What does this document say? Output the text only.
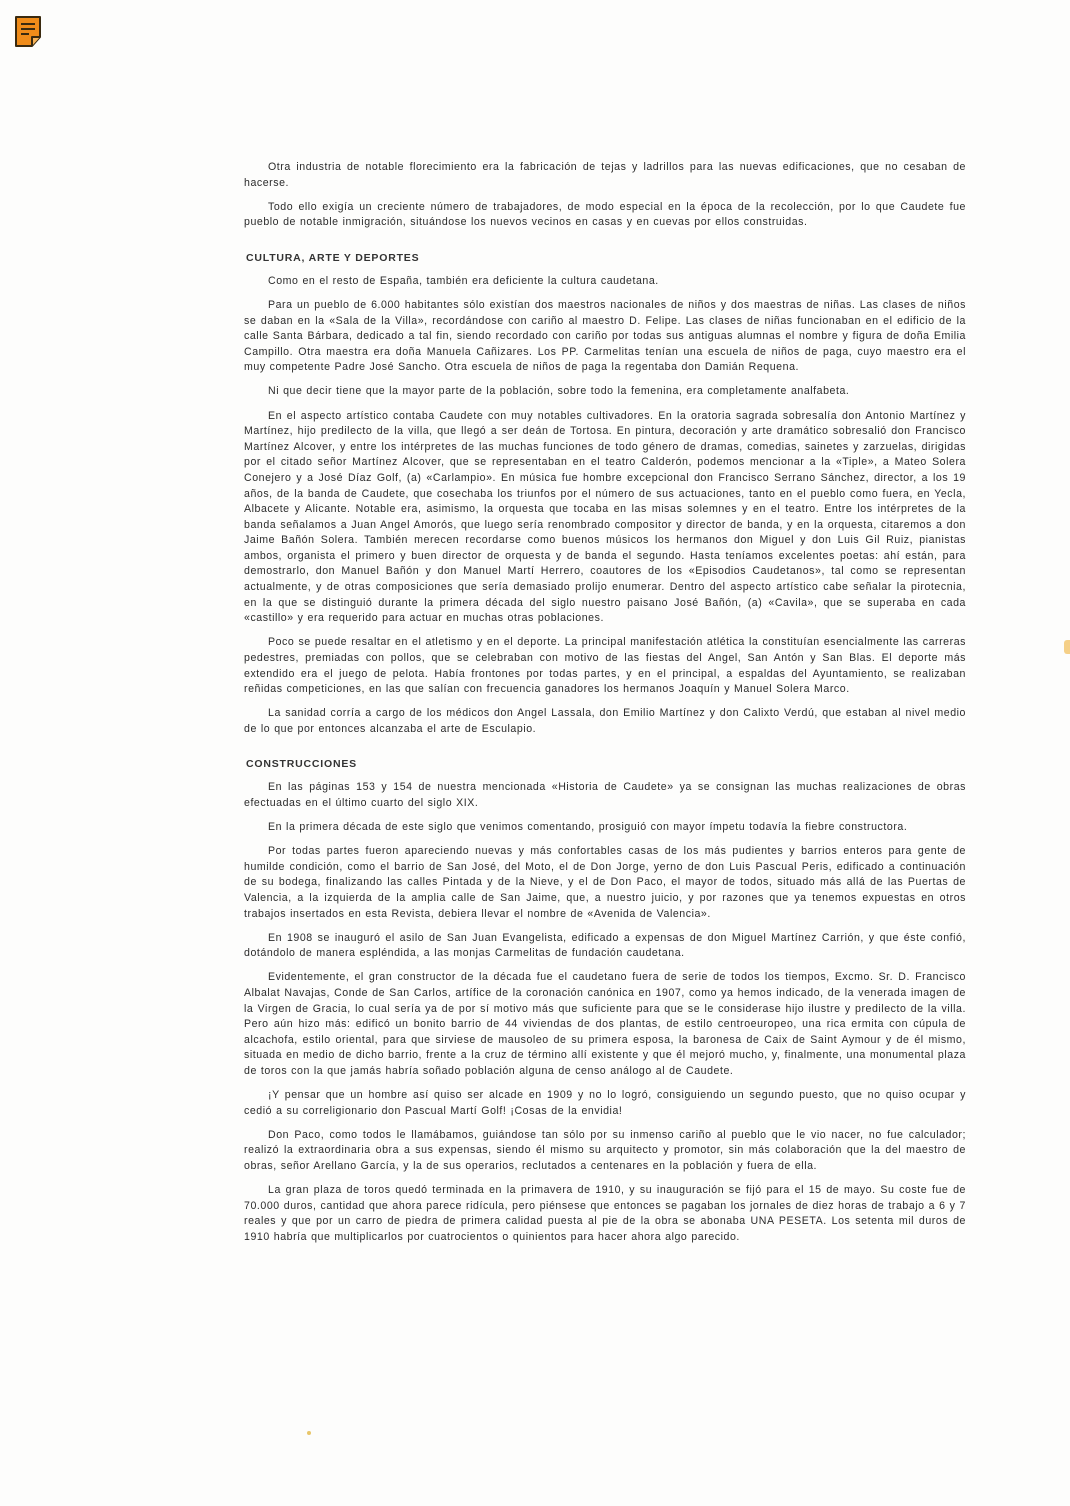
Otra industria de notable florecimiento era la fabricación de tejas y ladrillos para las nuevas edificaciones, que no cesaban de hacerse.

Todo ello exigía un creciente número de trabajadores, de modo especial en la época de la recolección, por lo que Caudete fue pueblo de notable inmigración, situándose los nuevos vecinos en casas y en cuevas por ellos construidas.

CULTURA, ARTE Y DEPORTES

Como en el resto de España, también era deficiente la cultura caudetana.

Para un pueblo de 6.000 habitantes sólo existían dos maestros nacionales de niños y dos maestras de niñas. Las clases de niños se daban en la «Sala de la Villa», recordándose con cariño al maestro D. Felipe. Las clases de niñas funcionaban en el edificio de la calle Santa Bárbara, dedicado a tal fin, siendo recordado con cariño por todas sus antiguas alumnas el nombre y figura de doña Emilia Campillo. Otra maestra era doña Manuela Cañizares. Los PP. Carmelitas tenían una escuela de niños de paga, cuyo maestro era el muy competente Padre José Sancho. Otra escuela de niños de paga la regentaba don Damián Requena.

Ni que decir tiene que la mayor parte de la población, sobre todo la femenina, era completamente analfabeta.

En el aspecto artístico contaba Caudete con muy notables cultivadores. En la oratoria sagrada sobresalía don Antonio Martínez y Martínez, hijo predilecto de la villa, que llegó a ser deán de Tortosa. En pintura, decoración y arte dramático sobresalió don Francisco Martínez Alcover, y entre los intérpretes de las muchas funciones de todo género de dramas, comedias, sainetes y zarzuelas, dirigidas por el citado señor Martínez Alcover, que se representaban en el teatro Calderón, podemos mencionar a la «Tiple», a Mateo Solera Conejero y a José Díaz Golf, (a) «Carlampio». En música fue hombre excepcional don Francisco Serrano Sánchez, director, a los 19 años, de la banda de Caudete, que cosechaba los triunfos por el número de sus actuaciones, tanto en el pueblo como fuera, en Yecla, Albacete y Alicante. Notable era, asimismo, la orquesta que tocaba en las misas solemnes y en el teatro. Entre los intérpretes de la banda señalamos a Juan Angel Amorós, que luego sería renombrado compositor y director de banda, y en la orquesta, citaremos a don Jaime Bañón Solera. También merecen recordarse como buenos músicos los hermanos don Miguel y don Luis Gil Ruiz, pianistas ambos, organista el primero y buen director de orquesta y de banda el segundo. Hasta teníamos excelentes poetas: ahí están, para demostrarlo, don Manuel Bañón y don Manuel Martí Herrero, coautores de los «Episodios Caudetanos», tal como se representan actualmente, y de otras composiciones que sería demasiado prolijo enumerar. Dentro del aspecto artístico cabe señalar la pirotecnia, en la que se distinguió durante la primera década del siglo nuestro paisano José Bañón, (a) «Cavila», que se superaba en cada «castillo» y era requerido para actuar en muchas otras poblaciones.

Poco se puede resaltar en el atletismo y en el deporte. La principal manifestación atlética la constituían esencialmente las carreras pedestres, premiadas con pollos, que se celebraban con motivo de las fiestas del Angel, San Antón y San Blas. El deporte más extendido era el juego de pelota. Había frontones por todas partes, y en el principal, a espaldas del Ayuntamiento, se realizaban reñidas competiciones, en las que salían con frecuencia ganadores los hermanos Joaquín y Manuel Solera Marco.

La sanidad corría a cargo de los médicos don Angel Lassala, don Emilio Martínez y don Calixto Verdú, que estaban al nivel medio de lo que por entonces alcanzaba el arte de Esculapio.

CONSTRUCCIONES

En las páginas 153 y 154 de nuestra mencionada «Historia de Caudete» ya se consignan las muchas realizaciones de obras efectuadas en el último cuarto del siglo XIX.

En la primera década de este siglo que venimos comentando, prosiguió con mayor ímpetu todavía la fiebre constructora.

Por todas partes fueron apareciendo nuevas y más confortables casas de los más pudientes y barrios enteros para gente de humilde condición, como el barrio de San José, del Moto, el de Don Jorge, yerno de don Luis Pascual Peris, edificado a continuación de su bodega, finalizando las calles Pintada y de la Nieve, y el de Don Paco, el mayor de todos, situado más allá de las Puertas de Valencia, a la izquierda de la amplia calle de San Jaime, que, a nuestro juicio, y por razones que ya tenemos expuestas en otros trabajos insertados en esta Revista, debiera llevar el nombre de «Avenida de Valencia».

En 1908 se inauguró el asilo de San Juan Evangelista, edificado a expensas de don Miguel Martínez Carrión, y que éste confió, dotándolo de manera espléndida, a las monjas Carmelitas de fundación caudetana.

Evidentemente, el gran constructor de la década fue el caudetano fuera de serie de todos los tiempos, Excmo. Sr. D. Francisco Albalat Navajas, Conde de San Carlos, artífice de la coronación canónica en 1907, como ya hemos indicado, de la venerada imagen de la Virgen de Gracia, lo cual sería ya de por sí motivo más que suficiente para que se le considerase hijo ilustre y predilecto de la villa. Pero aún hizo más: edificó un bonito barrio de 44 viviendas de dos plantas, de estilo centroeuropeo, una rica ermita con cúpula de alcachofa, estilo oriental, para que sirviese de mausoleo de su primera esposa, la baronesa de Caix de Saint Aymour y de él mismo, situada en medio de dicho barrio, frente a la cruz de término allí existente y que él mejoró mucho, y, finalmente, una monumental plaza de toros con la que jamás habría soñado población alguna de censo análogo al de Caudete.

¡Y pensar que un hombre así quiso ser alcade en 1909 y no lo logró, consiguiendo un segundo puesto, que no quiso ocupar y cedió a su correligionario don Pascual Martí Golf! ¡Cosas de la envidia!

Don Paco, como todos le llamábamos, guiándose tan sólo por su inmenso cariño al pueblo que le vio nacer, no fue calculador; realizó la extraordinaria obra a sus expensas, siendo él mismo su arquitecto y promotor, sin más colaboración que la del maestro de obras, señor Arellano García, y la de sus operarios, reclutados a centenares en la población y fuera de ella.

La gran plaza de toros quedó terminada en la primavera de 1910, y su inauguración se fijó para el 15 de mayo. Su coste fue de 70.000 duros, cantidad que ahora parece ridícula, pero piénsese que entonces se pagaban los jornales de diez horas de trabajo a 6 y 7 reales y que por un carro de piedra de primera calidad puesta al pie de la obra se abonaba UNA PESETA. Los setenta mil duros de 1910 habría que multiplicarlos por cuatrocientos o quinientos para hacer ahora algo parecido.
